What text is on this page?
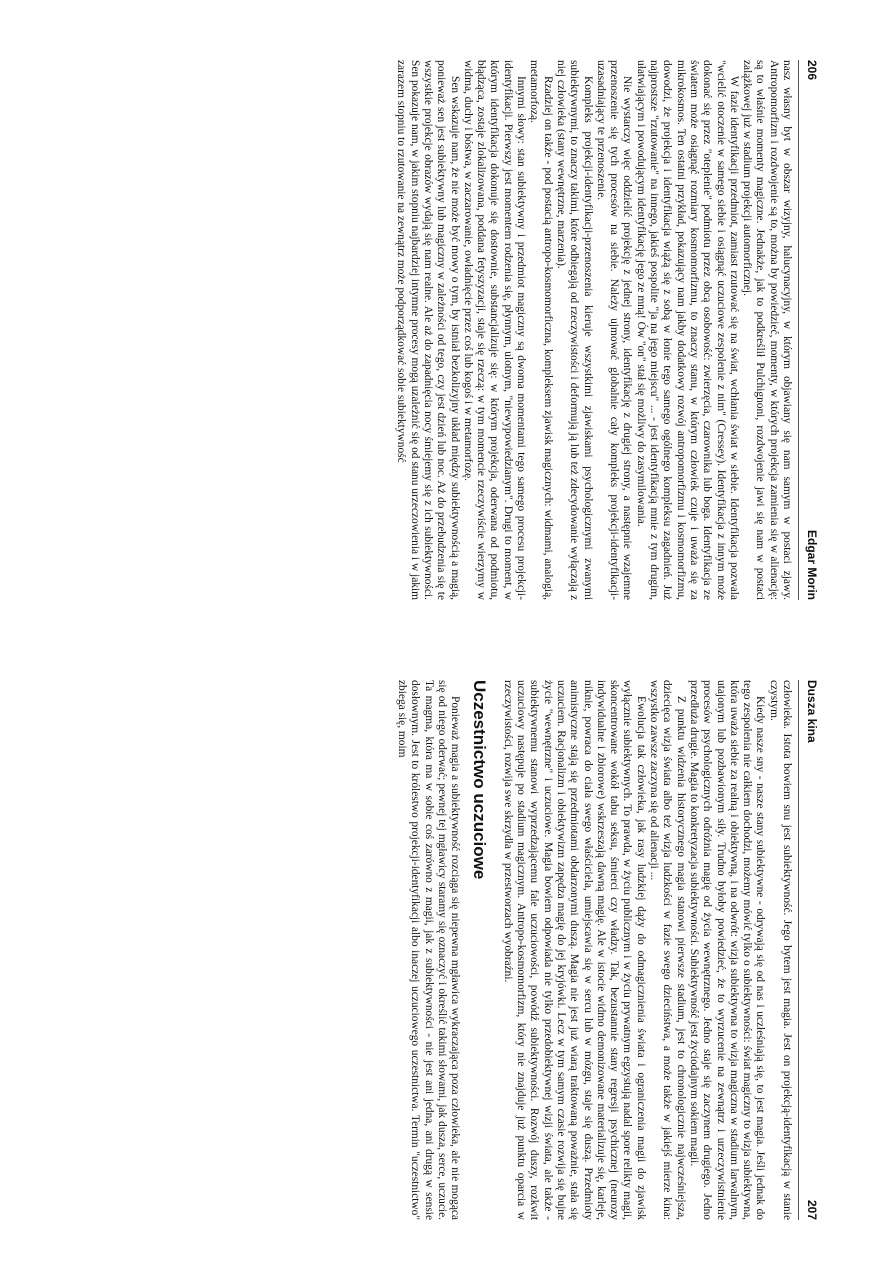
206
Edgar Morin

nasz własny byt w obszar wizyjny, halucynacyjny, w którym objawiany się nam samym w postaci zjawy. Antropomorfizm i rozdwojenie są to, można by powiedzieć, momenty, w których projekcja zamienia się w alienację: są to właśnie momenty magiczne. Jednakże, jak to podkreślił Pulchignoni, rozdwojenie jawi się nam w postaci zalążkowej już w stadium projekcji automorficznej.

W fazie identyfikacji przedmiot, zamiast rzutować się na świat, wchłania świat w siebie. Identyfikacja pozwala "wcielić otoczenie w samego siebie i osiągnąć uczuciowe zespolenie z nim" (Cressey). Identyfikacja z innym może dokonać się przez "oteplenie" podmiotu przez obcą osobowość: zwierzęcia, czarownika lub boga. Identyfikacja ze światem może osiągnąć rozmiary kosmomorfizmu, to znaczy stanu, w którym człowiek czuje i uważa się za mikrokosmos. Ten ostatni przykład, pokazujący nam jakby dodatkowy rozwój antropomorfizmu i kosmomorfizmu, dowodzi, że projekcja i identyfikacja wiążą się z sobą w łonie tego samego ogólnego kompleksu zagadnień. Już najprostsze "rzutowanie" na innego, jakieś pospolite "ja na jego miejscu" ... - jest identyfikacją mnie z tym drugim, ułatwiającym i powodującym identyfikację jego ze mną! Ów "on" stał się możliwy do zasymilowania.

Nie wystarczy więc oddzielić projekcję z jednej strony, identyfikację z drugiej strony, a następnie wzajemne przenoszenie się tych procesów na siebie. Należy ujmować globalnie cały kompleks projekcji-identyfikacji-uzasadniający te przenoszenie.

Kompleks projekcji-identyfikacji-przenoszenia kieruje wszystkimi zjawiskami psychologicznymi zwanymi subiektywnymi, to znaczy takimi, które odbiegają od rzeczywistości i deformują ją lub też zdecydowanie wyłączają z niej człowieka (stany wewnętrzne, marzenia).

Rzadziej on także - pod postacią antropo-kosmomorficzna, kompleksem zjawisk magicznych: widmami, analogią, metamorfozą.

Innymi słowy: stan subiektywny i przedmiot magiczny są dwoma momentami tego samego procesu projekcji-identyfikacji. Pierwszy jest momentem rodzenia się, płynnym, ulotnym, "niewypowiedzianym". Drugi to moment, w którym identyfikacja dokonuje się dostownie, substancjalizuje się: w którym projekcja, oderwana od podmiotu, błądząca, zostaje zlokalizowana, poddana fetyszyzacji, staje się rzeczą: w tym momencie rzeczywiście wierzymy w widma, duchy i bóstwa, w zaczarowanie, owładnięcie przez coś lub kogoś i w metamorfozę.

Sen wskazuje nam, że nie może być mowy o tym, by istniał bezkolizyjny układ między subiektywnością a magią, ponieważ sen jest subiektywny lub magiczny w zależności od tego, czy jest dzień lub noc. Aż do przebudzenia się te wszystkie projekcje obrazów wydają się nam realne. Ale aż do zapadnięcia nocy śmiejemy się z ich subiektywności. Sen pokazuje nam, w jakim stopniu najbardziej intymne procesy mogą uzależnić się od stanu urzeczowienia i w jakim zarazem stopniu to rzutowanie na zewnątrz może podporządkować sobie subiektywność

Dusza kina
207

człowieka. Istota bowiem snu jest subiektywność. Jego bytem jest magia. Jest on projekcją-identyfikacją w stanie czystym.

Kiedy nasze sny - nasze stany subiektywne - odrywają się od nas i uczłeśniają się, to jest magia. Jeśli jednak do tego zespolenia nie całkiem dochodzi, możemy mówić tylko o subiektywności: świat magiczny to wizja subiektywna, która uważa siebie za realną i obiektywną, i na odwrót: wizja subiektywna to wizja magiczna w stadium larwalnym, utajonym lub pozbawionym siły. Trudno byłoby powiedzieć, że to wyrzucenie na zewnątrz i urzeczywistnienie procesów psychologicznych odróżnia magię od życia wewnętrznego. Jedno staje się zaczynem drugiego. Jedno przedłuża drugie. Magia to konkretyzacja subiektywności. Subiektywność jest życiodajnym sokiem magii.

Z punktu widzenia historycznego magia stanowi pierwsze stadium, jest to chronologicznie najwcześniejsza, dziecięca wizja świata albo też wizja ludzkości w fazie swego dzieciństwa, a może także w jakiejś mierze kina: wszystko zawsze zaczyna się od alienacji ...

Ewolucja tak człowieka, jak rasy ludzkiej dąży do odmagicznienia świata i ograniczenia magii do zjawisk wyłącznie subiektywnych. To prawda, w życiu publicznym i w życiu prywatnym egzystują nadal spore relikty magii, skoncentrowane wokół tabu seksu, śmierci czy władzy. Tak, bezustannie stany regresji psychicznej (neurozy indywidualne i zbiorowe) wskrzeszają dawną magię. Ale w istocie widmo demonizowane materializuje się, karleje, niknie, powraca do ciała swego właściciela, umiejscawia się w sercu lub w mózgu, staje się duszą. Przedmioty animistyczne stają się przedmiotami obdarzonymi duszą. Magia nie jest już wiarą traktowaną poważnie, stała się uczuciem. Racjonalizm i obiektywizm zapędza magię do jej kryjówki. Lecz w tym samym czasie rozwija się bujne życie "wewnętrzne" i uczuciowe. Magia bowiem odpowiada nie tylko przedobiektywnej wizji świata, ale także - subiektywnemu stanowi wyprzedzającemu fale uczuciowości, powódź subiektywności. Rozwój duszy, rozkwit uczuciowy następuje po stadium magicznym. Antropo-kosmomorfizm, który nie znajduje już punktu oparcia w rzeczywistości, rozwija swe skrzydła w przestworzach wyobraźni.

Uczestnictwo uczuciowe

Ponieważ magia a subiektywność rozciąga się niepewna mgławica wykraczająca poza człowieka, ale nie mogąca się od niego oderwać; pewnej tej mgławicy staramy się oznaczyć i określić takimi słowami, jak dusza, serce, uczucie. Ta magma, która ma w sobie coś zarówno z magii, jak z subiektywności - nie jest ani jedna, ani drugą w sensie dosłownym. Jest to królestwo projekcji-identyfikacji albo inaczej uczuciowego uczestnictwa. Termin "uczestnictwo" zbiega się, moim
